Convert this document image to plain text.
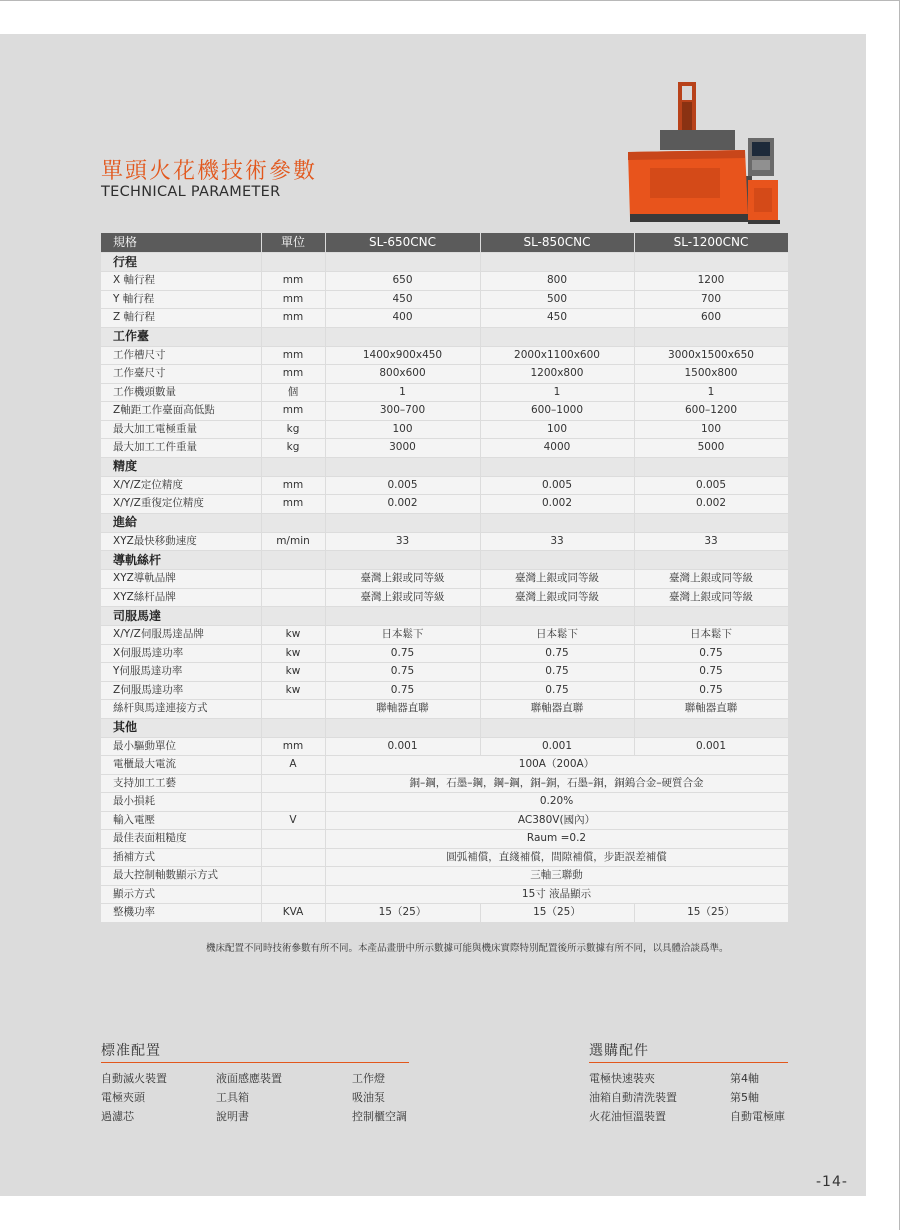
單頭火花機技術參數
TECHNICAL PARAMETER
規格	單位	SL-650CNC	SL-850CNC	SL-1200CNC
行程				
X 軸行程	mm	650	800	1200
Y 軸行程	mm	450	500	700
Z 軸行程	mm	400	450	600
工作臺				
工作槽尺寸	mm	1400x900x450	2000x1100x600	3000x1500x650
工作臺尺寸	mm	800x600	1200x800	1500x800
工作機頭數量	個	1	1	1
Z軸距工作臺面高低點	mm	300–700	600–1000	600–1200
最大加工電極重量	kg	100	100	100
最大加工工件重量	kg	3000	4000	5000
精度				
X/Y/Z定位精度	mm	0.005	0.005	0.005
X/Y/Z重復定位精度	mm	0.002	0.002	0.002
進給				
XYZ最快移動速度	m/min	33	33	33
導軌絲杆				
XYZ導軌品牌		臺灣上銀或同等級	臺灣上銀或同等級	臺灣上銀或同等級
XYZ絲杆品牌		臺灣上銀或同等級	臺灣上銀或同等級	臺灣上銀或同等級
司服馬達				
X/Y/Z伺服馬達品牌	kw	日本鬆下	日本鬆下	日本鬆下
X伺服馬達功率	kw	0.75	0.75	0.75
Y伺服馬達功率	kw	0.75	0.75	0.75
Z伺服馬達功率	kw	0.75	0.75	0.75
絲杆與馬達連接方式		聯軸器直聯	聯軸器直聯	聯軸器直聯
其他				
最小驅動單位	mm	0.001	0.001	0.001
電櫃最大電流	A	100A（200A）		
支持加工工藝		銅–鋼，石墨–鋼，鋼–鋼，銅–銅，石墨–銅，銅鎢合金–硬質合金		
最小損耗		0.20%		
輸入電壓	V	AC380V(國內）		
最佳表面粗糙度		Raum =0.2		
插補方式		圓弧補償，直綫補償，間隙補償，步距誤差補償		
最大控制軸數顯示方式		三軸三聯動		
顯示方式		15寸 液晶顯示		
整機功率	KVA	15（25）	15（25）	15（25）
機床配置不同時技術參數有所不同。本產品畫册中所示數據可能與機床實際特別配置後所示數據有所不同，以具體洽談爲準。
標准配置
自動滅火裝置
電極夾頭
過濾芯
液面感應裝置
工具箱
說明書
工作燈
吸油泵
控制櫃空調
選購配件
電極快速裝夾
油箱自動清洗裝置
火花油恒溫裝置
第4軸
第5軸
自動電極庫
-14-
